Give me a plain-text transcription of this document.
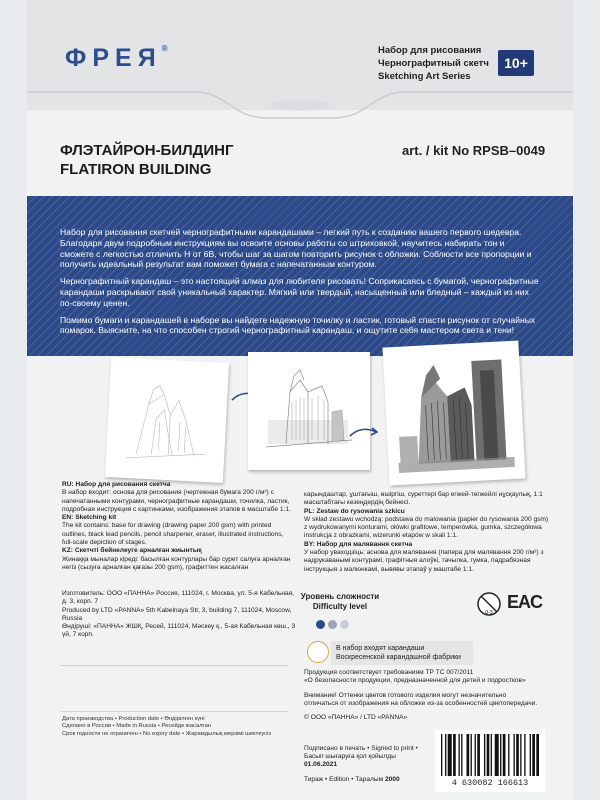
ФРЕЯ®	Набор для рисования
Чернографитный скетч
Sketching Art Series
10+
ФЛЭТАЙРОН-БИЛДИНГ
FLATIRON BUILDING
art. / kit No RPSB–0049

Набор для рисования скетчей чернографитными карандашами – легкий путь к созданию вашего первого шедевра. Благодаря двум подробным инструкциям вы освоите основы работы со штриховкой, научитесь набирать тон и сможете с легкостью отличить H от 6B, чтобы шаг за шагом повторить рисунок с обложки. Соблюсти все пропорции и получить идеальный результат вам поможет бумага с напечатанным контуром.

Чернографитный карандаш – это настоящий алмаз для любителя рисовать! Соприкасаясь с бумагой, чернографитные карандаши раскрывают свой уникальный характер. Мягкий или твердый, насыщенный или бледный – каждый из них по-своему ценен.

Помимо бумаги и карандашей в наборе вы найдете надежную точилку и ластик, готовый спасти рисунок от случайных помарок. Выясните, на что способен строгий чернографитный карандаш, и ощутите себя мастером света и тени!

RU: Набор для рисования скетча
В набор входит: основа для рисования (чертежная бумага 200 г/м²) с напечатанными контурами, чернографитные карандаши, точилка, ластик, подробная инструкция с картинками, изображения этапов в масштабе 1:1.
EN: Sketching kit
The kit contains: base for drawing (drawing paper 200 gsm) with printed outlines, black lead pencils, pencil sharpener, eraser, illustrated instructions, full-scale depiction of stages.
KZ: Скетчті бейнелеуге арналған жиынтық
Жинаққа мыналар кіреді: басылған контурлары бар сурет салуға арналған негіз (сызуға арналған қағазы 200 gsm), графиттен жасалған
карындаштар, ұштағыш, өшіргіш, суреттері бар егжей-тегжейлі нұсқаулық, 1:1 масштабтағы кезеңдердің бейнесі.
PL: Zestaw do rysowania szkicu
W skład zestawu wchodzą: podstawa do malowania (papier do rysowania 200 gsm) z wydrukowanymi konturami, ołówki grafitowe, temperówka, gumka, szczegółowa instrukcja z obrazkami, wizerunki etapów w skali 1:1.
BY: Набор для малявання скетча
У набор уваходзіць: аснова для малявання (папера для малявання 200 г/м²) з надрукаванымі контурамі, графітныя алоўкі, тачылка, гумка, падрабязная інструкцыя з малюнкамі, вывявы этапаў у маштабе 1:1.
Изготовитель: ООО «ПАННА» Россия, 111024, г. Москва, ул. 5-я Кабельная, д. 3, корп. 7
Produced by LTD «PANNA» 5th Kabelnaya Str, 3, building 7, 111024, Moscow, Russia
Өндіруші: «ПАННА» ЖШҚ, Ресей, 111024, Мәскеу қ., 5-ая Кабельная көш., 3 үй, 7 корп.
Уровень сложности
Difficulty level
0-3
EAC
В набор входят карандаши Воскресенской карандашной фабрики
Продукция соответствует требованиям ТР ТС 007/2011
«О безопасности продукции, предназначенной для детей и подростков»
Внимание! Оттенки цветов готового изделия могут незначительно
отличаться от изображения на обложке из-за особенностей цветопередачи.
© ООО «ПАННА» / LTD «PANNA»
Дата производства • Production date • Өндірілген күні
Сделано в России • Made in Russia • Ресейде жасалған
Срок годности не ограничен • No expiry date • Жарамдылық мерзімі шектеусіз
Подписано в печать • Signed to print •
Басып шығаруға қол қойылды
01.06.2021
Тираж • Edition • Таралым 2000	4 630082 166613
